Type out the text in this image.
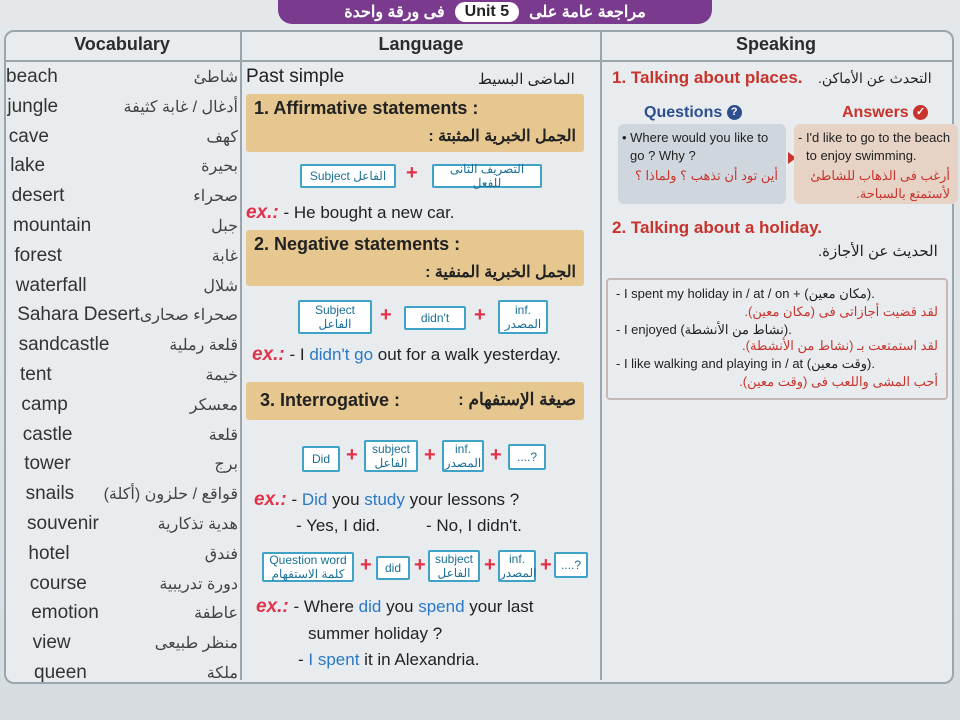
فى ورقة واحدة	Unit 5	مراجعة عامة على
Vocabulary	Language	Speaking
beach	شاطئ
jungle	أدغال / غابة كثيفة
cave	كهف
lake	بحيرة
desert	صحراء
mountain	جبل
forest	غابة
waterfall	شلال
Sahara Desert صحراء صحارى
sandcastle	قلعة رملية
tent	خيمة
camp	معسكر
castle	قلعة
tower	برج
snails قواقع / حلزون (أكلة)
souvenir	هدية تذكارية
hotel	فندق
course	دورة تدريبية
emotion	عاطفة
view	منظر طبيعى
queen	ملكة
Past simple	الماضى البسيط
1. Affirmative statements :
الجمل الخبرية المثبتة :
Subject الفاعل +	التصريف الثانى للفعل
ex.: - He bought a new car.
2. Negative statements :
الجمل الخبرية المنفية :
Subject
الفاعل	+	didn't	+	inf.
المصدر
ex.: - I didn't go out for a walk yesterday.
3. Interrogative :	صيغة الإستفهام :
Did +	subject
الفاعل +	inf.
المصدر +	....?
ex.: - Did you study your lessons ?
- Yes, I did.	- No, I didn't.
Question word
كلمة الاستفهام +	did + subject
الفاعل +	inf.
المصدر + ....?
ex.: - Where did you spend your last
summer holiday ?
- I spent it in Alexandria.
1. Talking about places. التحدث عن الأماكن.
Questions ?	Answers ✓
• Where would you like to
go ? Why ?
أين تود أن تذهب ؟ ولماذا ؟
- I'd like to go to the beach
to enjoy swimming.
أرغب فى الذهاب للشاطئ
لأستمتع بالسباحة.
2. Talking about a holiday.
الحديث عن الأجازة.
- I spent my holiday in / at / on + (مكان معين).
لقد قضيت أجازاتى فى (مكان معين).
- I enjoyed (نشاط من الأنشطة).
لقد استمتعت بـ (نشاط من الأنشطة).
- I like walking and playing in / at (وقت معين).
أحب المشى واللعب فى (وقت معين).
